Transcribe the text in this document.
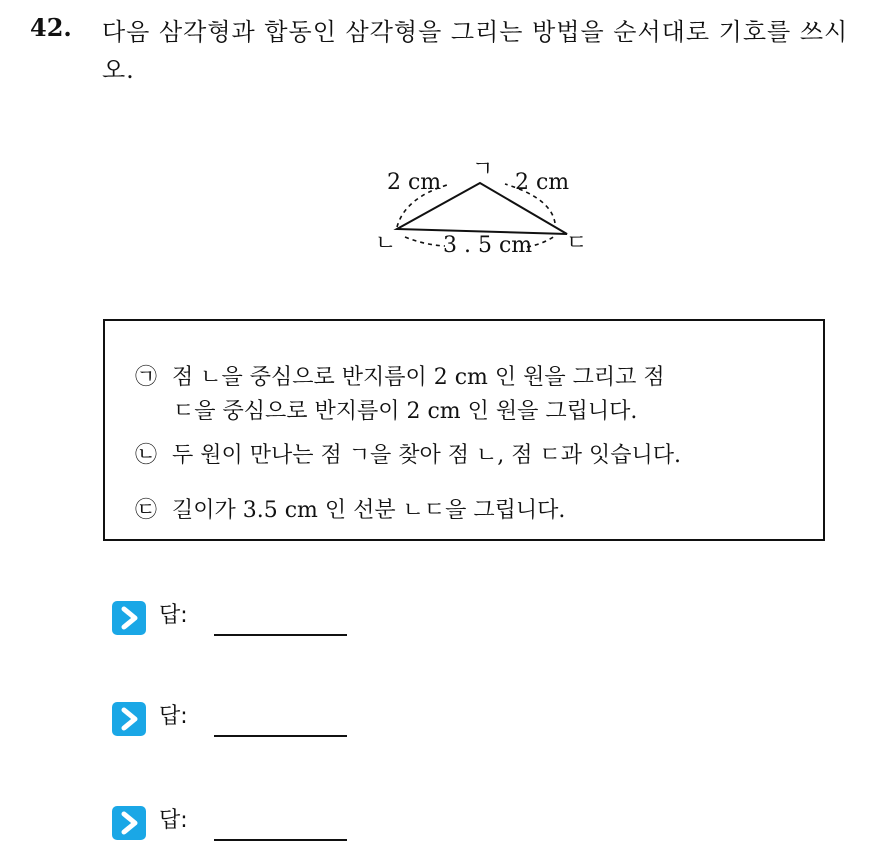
42. 다음 삼각형과 합동인 삼각형을 그리는 방법을 순서대로 기호를 쓰시오.
ㄱ
ㄴ	ㄷ
2 cm	2 cm
3 . 5 cm
㉠ 점 ㄴ을 중심으로 반지름이 2 cm 인 원을 그리고 점
ㄷ을 중심으로 반지름이 2 cm 인 원을 그립니다.
㉡ 두 원이 만나는 점 ㄱ을 찾아 점 ㄴ, 점 ㄷ과 잇습니다.
㉢ 길이가 3.5 cm 인 선분 ㄴㄷ을 그립니다.
답:
답:
답:
